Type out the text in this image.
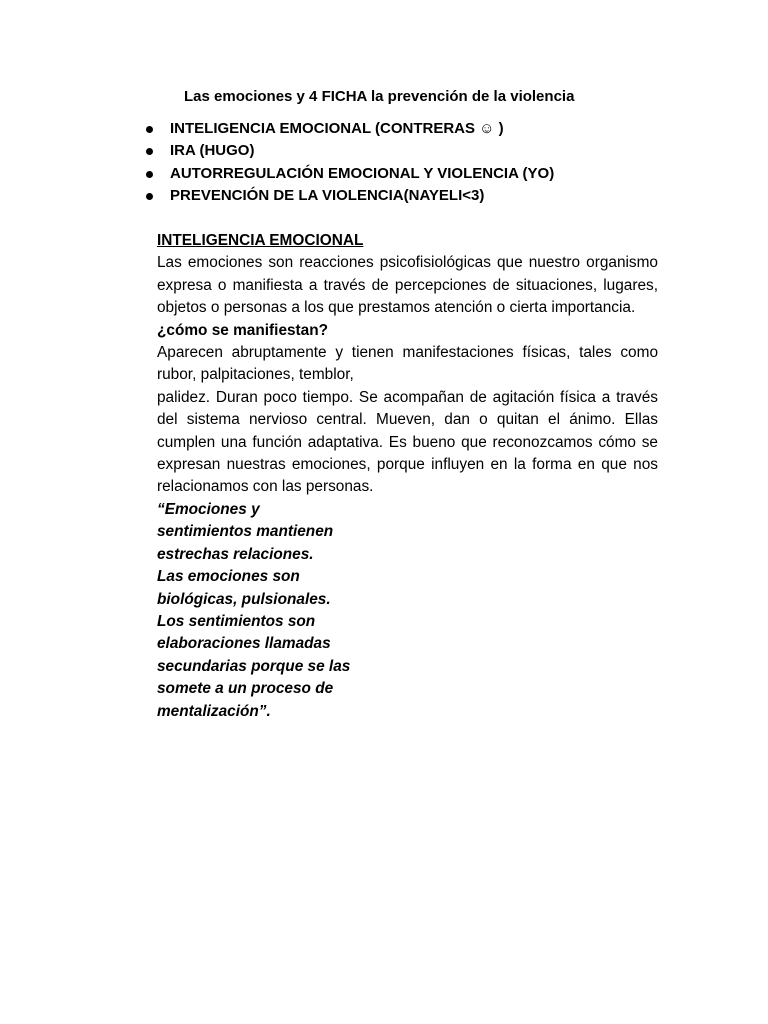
Las emociones y 4 FICHA la prevención de la violencia
INTELIGENCIA EMOCIONAL (CONTRERAS ☺ )
IRA (HUGO)
AUTORREGULACIÓN EMOCIONAL Y VIOLENCIA (YO)
PREVENCIÓN DE LA VIOLENCIA(NAYELI<3)

INTELIGENCIA EMOCIONAL

Las emociones son reacciones psicofisiológicas que nuestro organismo expresa o manifiesta a través de percepciones de situaciones, lugares, objetos o personas a los que prestamos atención o cierta importancia.

¿cómo se manifiestan?

Aparecen abruptamente y tienen manifestaciones físicas, tales como rubor, palpitaciones, temblor,

palidez. Duran poco tiempo. Se acompañan de agitación física a través del sistema nervioso central. Mueven, dan o quitan el ánimo. Ellas cumplen una función adaptativa. Es bueno que reconozcamos cómo se expresan nuestras emociones, porque influyen en la forma en que nos relacionamos con las personas.

“Emociones y

sentimientos mantienen

estrechas relaciones.

Las emociones son

biológicas, pulsionales.

Los sentimientos son

elaboraciones llamadas

secundarias porque se las

somete a un proceso de

mentalización”.
